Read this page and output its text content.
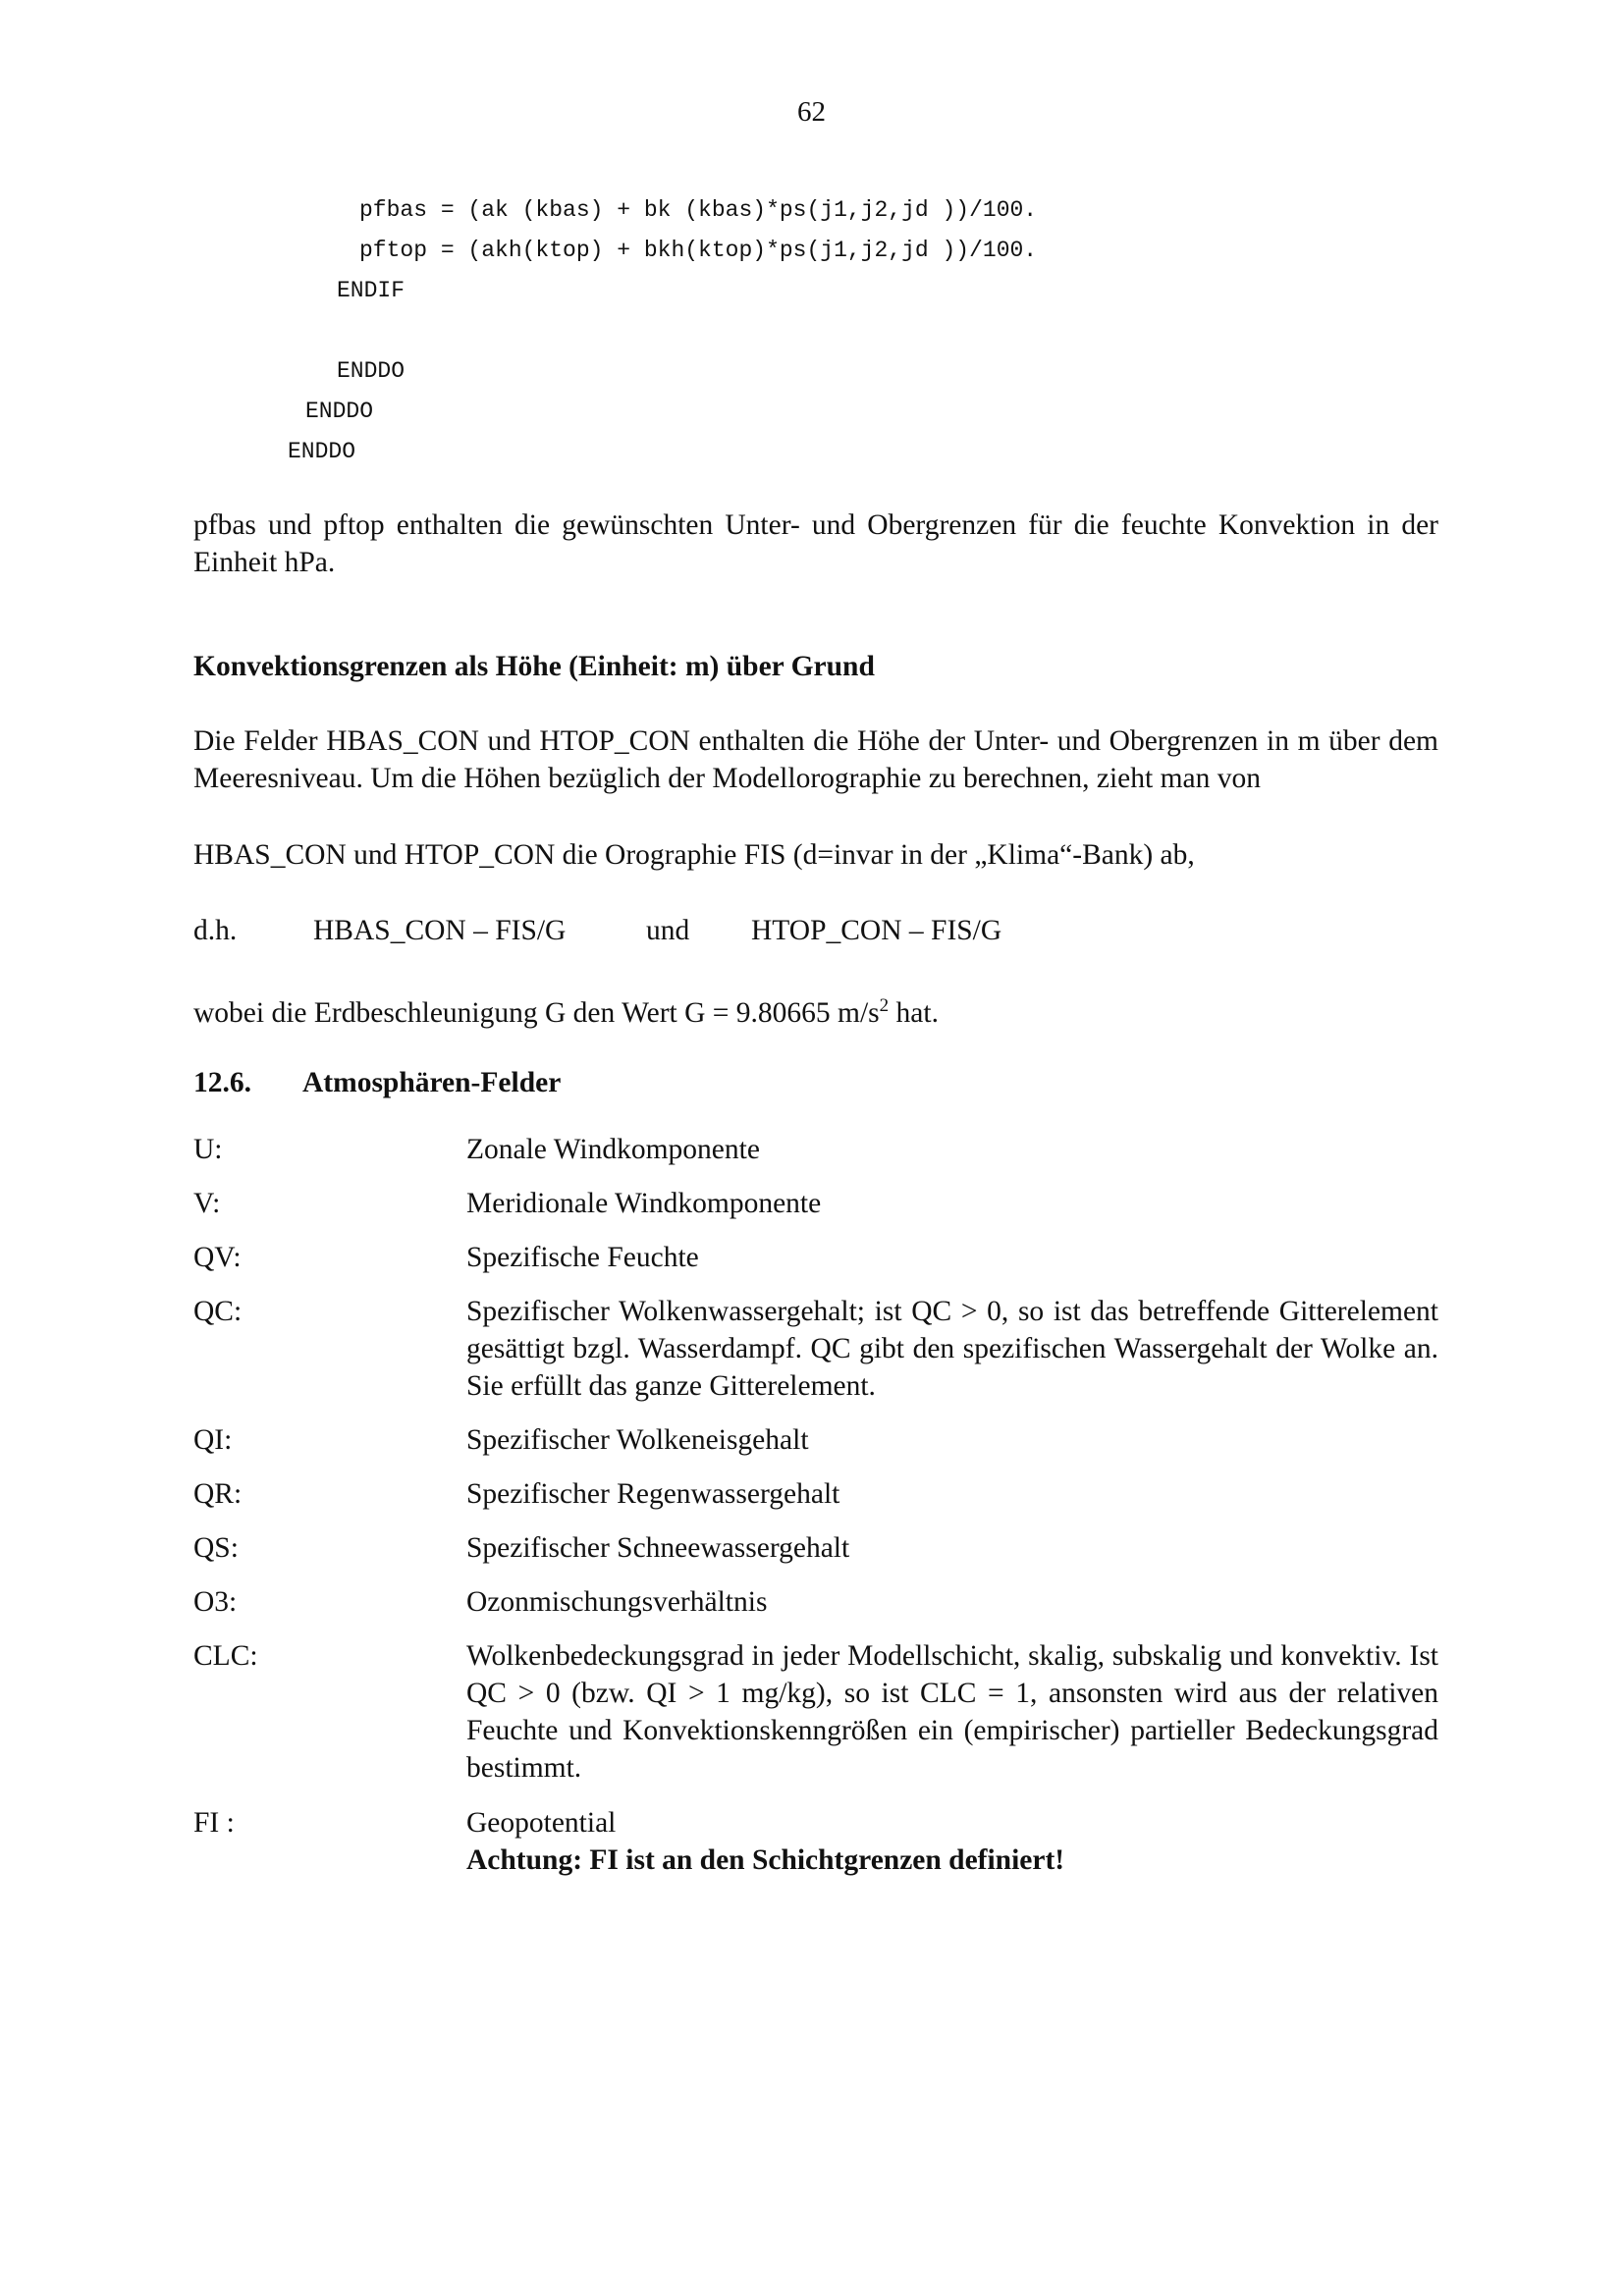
62
pfbas = (ak (kbas) + bk (kbas)*ps(j1,j2,jd ))/100.
pftop = (akh(ktop) + bkh(ktop)*ps(j1,j2,jd ))/100.
ENDIF
ENDDO
ENDDO
ENDDO
pfbas und pftop enthalten die gewünschten Unter- und Obergrenzen für die feuchte Konvektion in der Einheit hPa.
Konvektionsgrenzen als Höhe (Einheit: m) über Grund
Die Felder HBAS_CON und HTOP_CON enthalten die Höhe der Unter- und Obergrenzen in m über dem Meeresniveau. Um die Höhen bezüglich der Modellorographie zu berechnen, zieht man von
HBAS_CON und HTOP_CON die Orographie FIS (d=invar in der „Klima“-Bank) ab,
d.h.	HBAS_CON – FIS/G	und HTOP_CON – FIS/G
wobei die Erdbeschleunigung G den Wert G = 9.80665 $m/s^2$ hat.
12.6. Atmosphären-Felder
U:	Zonale Windkomponente
V:	Meridionale Windkomponente
QV:	Spezifische Feuchte
QC:	Spezifischer Wolkenwassergehalt; ist QC > 0, so ist das betreffende Gitterelement gesättigt bzgl. Wasserdampf. QC gibt den spezifischen Wassergehalt der Wolke an. Sie erfüllt das ganze Gitterelement.
QI:	Spezifischer Wolkeneisgehalt
QR:	Spezifischer Regenwassergehalt
QS:	Spezifischer Schneewassergehalt
O3:	Ozonmischungsverhältnis
CLC:	Wolkenbedeckungsgrad in jeder Modellschicht, skalig, subskalig und konvektiv. Ist QC > 0 (bzw. QI > 1 mg/kg), so ist CLC = 1, ansonsten wird aus der relativen Feuchte und Konvektionskenngrößen ein (empirischer) partieller Bedeckungsgrad bestimmt.
FI :	Geopotential
Achtung: FI ist an den Schichtgrenzen definiert!
